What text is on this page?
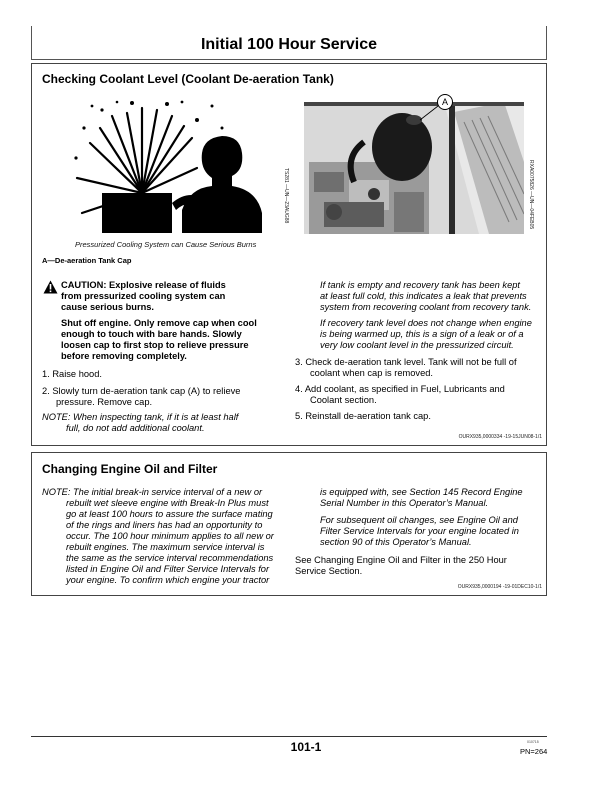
Initial 100 Hour Service
Checking Coolant Level (Coolant De-aeration Tank)
TS281 —UN—23AUG88
Pressurized Cooling System can Cause Serious Burns
A
RXA0075826 —UN—04FEB05
A—De-aeration Tank Cap
CAUTION: Explosive release of fluids
from pressurized cooling system can
cause serious burns.
Shut off engine. Only remove cap when cool
enough to touch with bare hands. Slowly
loosen cap to first stop to relieve pressure
before removing completely.
1. Raise hood.
2. Slowly turn de-aeration tank cap (A) to relieve
pressure. Remove cap.
NOTE: When inspecting tank, if it is at least half
full, do not add additional coolant.
If tank is empty and recovery tank has been kept
at least full cold, this indicates a leak that prevents
system from recovering coolant from recovery tank.
If recovery tank level does not change when engine
is being warmed up, this is a sign of a leak or of a
very low coolant level in the pressurized circuit.
3. Check de-aeration tank level. Tank will not be full of
coolant when cap is removed.
4. Add coolant, as specified in Fuel, Lubricants and
Coolant section.
5. Reinstall de-aeration tank cap.
OURX935,0000334 -19-15JUN08-1/1
Changing Engine Oil and Filter
NOTE: The initial break-in service interval of a new or
rebuilt wet sleeve engine with Break-In Plus must
go at least 100 hours to assure the surface mating
of the rings and liners has had an opportunity to
occur. The 100 hour minimum applies to all new or
rebuilt engines. The maximum service interval is
the same as the service interval recommendations
listed in Engine Oil and Filter Service Intervals for
your engine. To confirm which engine your tractor
is equipped with, see Section 145 Record Engine
Serial Number in this Operator’s Manual.
For subsequent oil changes, see Engine Oil and
Filter Service Intervals for your engine located in
section 90 of this Operator’s Manual.
See Changing Engine Oil and Filter in the 250 Hour
Service Section.
OURX935,0000194 -19-01DEC10-1/1
101-1	010715
PN=264
